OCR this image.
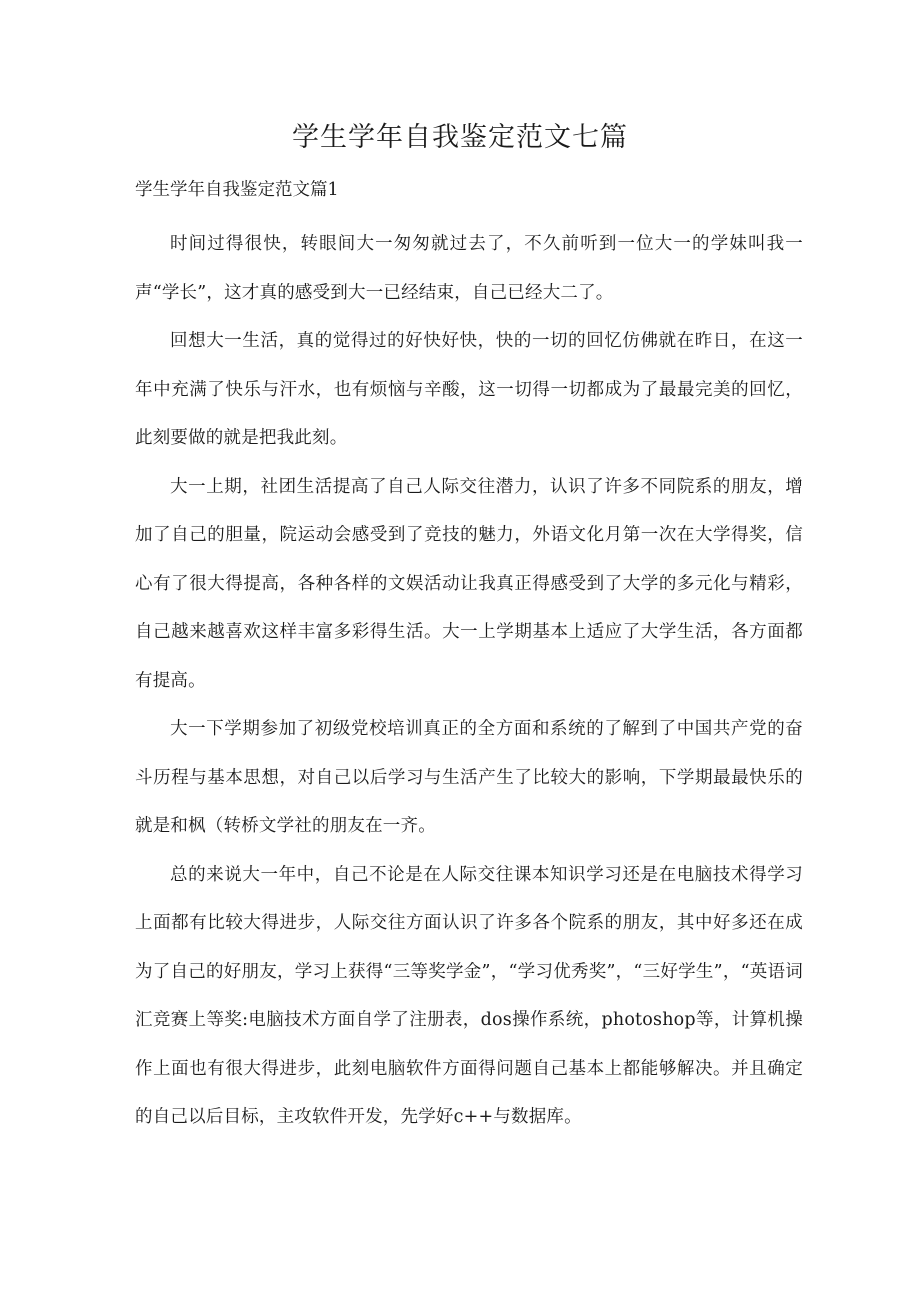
学生学年自我鉴定范文七篇
学生学年自我鉴定范文篇1

时间过得很快，转眼间大一匆匆就过去了，不久前听到一位大一的学妹叫我一声“学长”，这才真的感受到大一已经结束，自己已经大二了。

回想大一生活，真的觉得过的好快好快，快的一切的回忆仿佛就在昨日，在这一年中充满了快乐与汗水，也有烦恼与辛酸，这一切得一切都成为了最最完美的回忆，此刻要做的就是把我此刻。

大一上期，社团生活提高了自己人际交往潜力，认识了许多不同院系的朋友，增加了自己的胆量，院运动会感受到了竞技的魅力，外语文化月第一次在大学得奖，信心有了很大得提高，各种各样的文娱活动让我真正得感受到了大学的多元化与精彩，自己越来越喜欢这样丰富多彩得生活。大一上学期基本上适应了大学生活，各方面都有提高。

大一下学期参加了初级党校培训真正的全方面和系统的了解到了中国共产党的奋斗历程与基本思想，对自己以后学习与生活产生了比较大的影响，下学期最最快乐的就是和枫（转桥文学社的朋友在一齐。

总的来说大一年中，自己不论是在人际交往课本知识学习还是在电脑技术得学习上面都有比较大得进步，人际交往方面认识了许多各个院系的朋友，其中好多还在成为了自己的好朋友，学习上获得“三等奖学金”，“学习优秀奖”，“三好学生”，“英语词汇竞赛上等奖:电脑技术方面自学了注册表，dos操作系统，photoshop等，计算机操作上面也有很大得进步，此刻电脑软件方面得问题自己基本上都能够解决。并且确定的自己以后目标，主攻软件开发，先学好c++与数据库。
